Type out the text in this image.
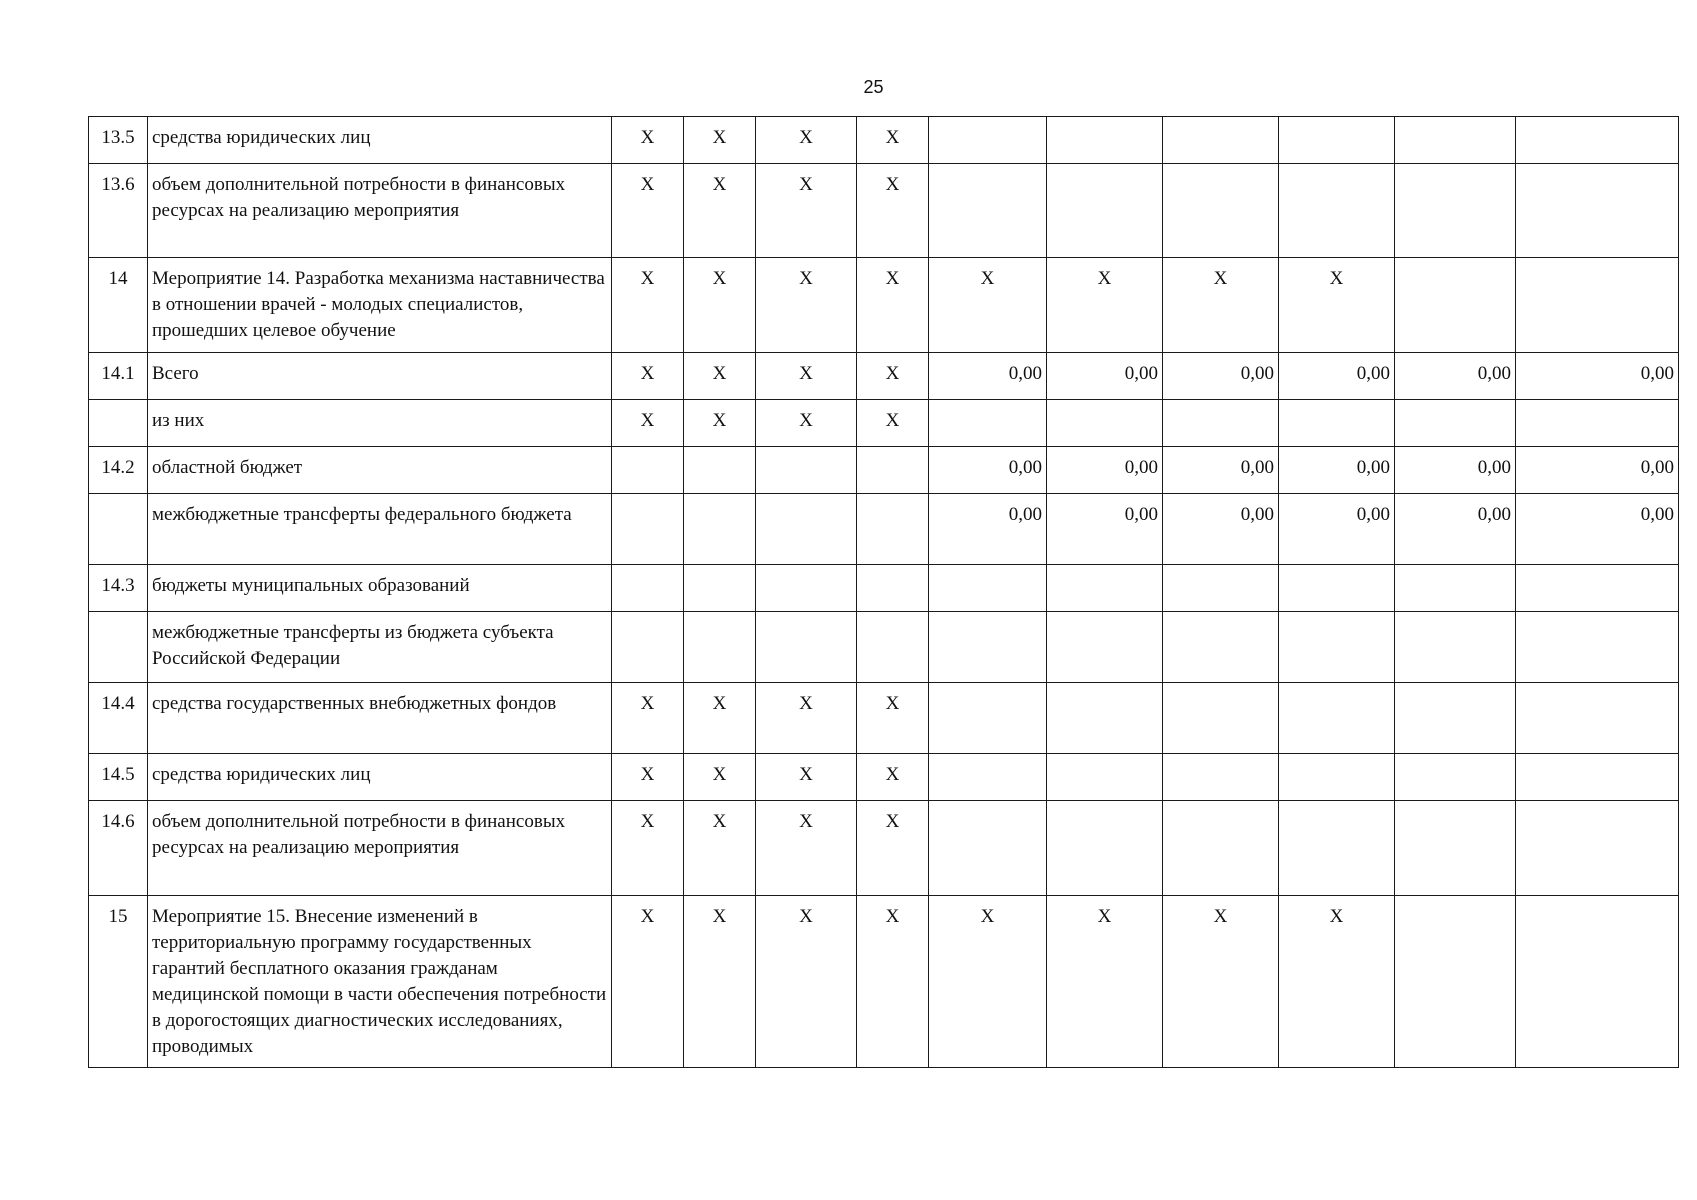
25
13.5	средства юридических лиц	X	X	X	X						
13.6	объем дополнительной потребности в финансовых ресурсах на реализацию мероприятия	X	X	X	X						
14	Мероприятие 14. Разработка механизма наставничества в отношении врачей - молодых специалистов, прошедших целевое обучение	X	X	X	X	X	X	X	X		
14.1	Всего	X	X	X	X	0,00	0,00	0,00	0,00	0,00	0,00
	из них	X	X	X	X						
14.2	областной бюджет					0,00	0,00	0,00	0,00	0,00	0,00
	межбюджетные трансферты федерального бюджета					0,00	0,00	0,00	0,00	0,00	0,00
14.3	бюджеты муниципальных образований										
	межбюджетные трансферты из бюджета субъекта Российской Федерации										
14.4	средства государственных внебюджетных фондов	X	X	X	X						
14.5	средства юридических лиц	X	X	X	X						
14.6	объем дополнительной потребности в финансовых ресурсах на реализацию мероприятия	X	X	X	X						
15	Мероприятие 15. Внесение изменений в территориальную программу государственных гарантий бесплатного оказания гражданам медицинской помощи в части обеспечения потребности в дорогостоящих диагностических исследованиях, проводимых	X	X	X	X	X	X	X	X		
